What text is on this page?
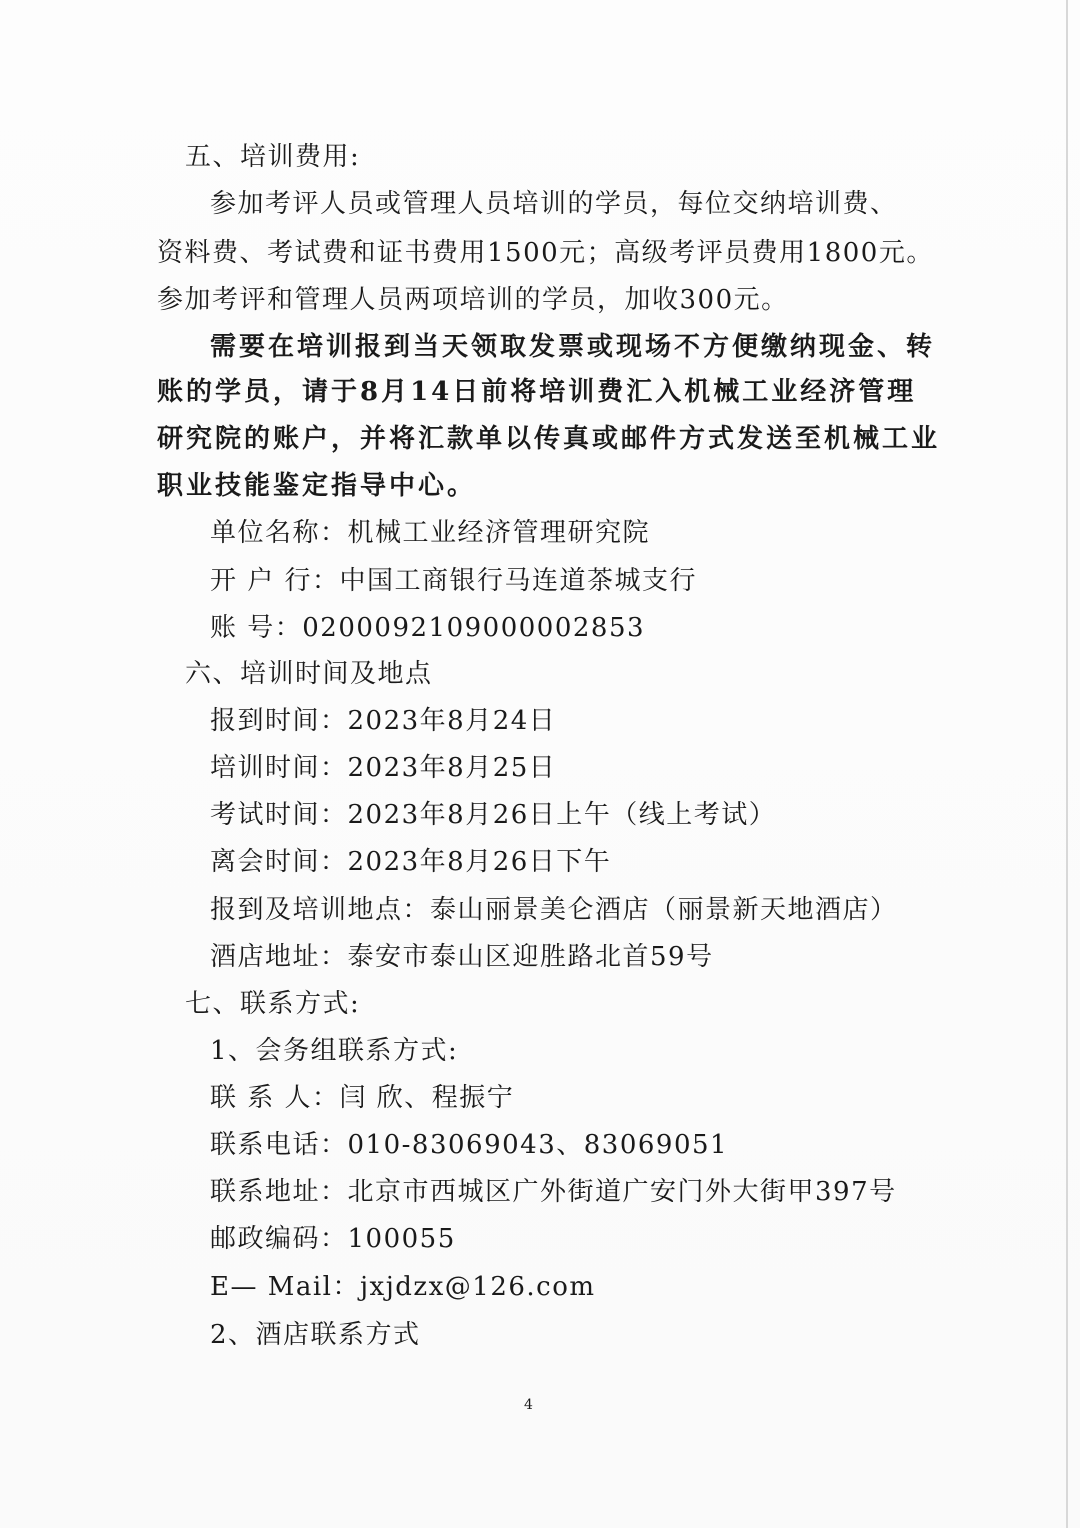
五、培训费用:
参加考评人员或管理人员培训的学员，每位交纳培训费、
资料费、考试费和证书费用1500元；高级考评员费用1800元。
参加考评和管理人员两项培训的学员，加收300元。
需要在培训报到当天领取发票或现场不方便缴纳现金、转
账的学员，请于8月14日前将培训费汇入机械工业经济管理
研究院的账户，并将汇款单以传真或邮件方式发送至机械工业
职业技能鉴定指导中心。
单位名称：机械工业经济管理研究院
开 户 行：中国工商银行马连道茶城支行
账 号：0200092109000002853
六、培训时间及地点
报到时间：2023年8月24日
培训时间：2023年8月25日
考试时间：2023年8月26日上午（线上考试）
离会时间：2023年8月26日下午
报到及培训地点：泰山丽景美仑酒店（丽景新天地酒店）
酒店地址：泰安市泰山区迎胜路北首59号
七、联系方式:
1、会务组联系方式:
联 系 人：闫 欣、程振宁
联系电话：010-83069043、83069051
联系地址：北京市西城区广外街道广安门外大街甲397号
邮政编码：100055
E— Mail：jxjdzx@126.com
2、酒店联系方式
4
